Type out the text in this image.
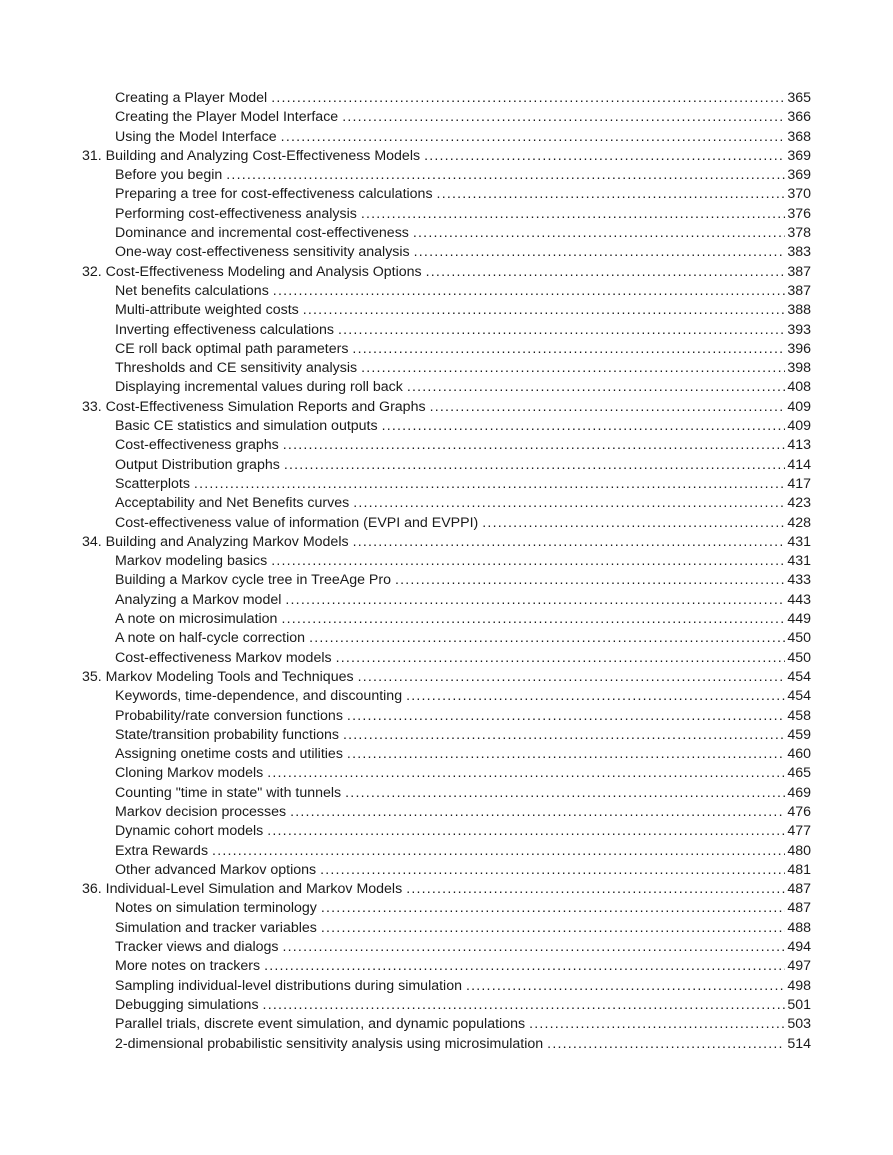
Creating a Player Model .....	365
Creating the Player Model Interface .....	366
Using the Model Interface .....	368
31. Building and Analyzing Cost-Effectiveness Models .....	369
Before you begin .....	369
Preparing a tree for cost-effectiveness calculations .....	370
Performing cost-effectiveness analysis .....	376
Dominance and incremental cost-effectiveness .....	378
One-way cost-effectiveness sensitivity analysis .....	383
32. Cost-Effectiveness Modeling and Analysis Options .....	387
Net benefits calculations .....	387
Multi-attribute weighted costs .....	388
Inverting effectiveness calculations .....	393
CE roll back optimal path parameters .....	396
Thresholds and CE sensitivity analysis .....	398
Displaying incremental values during roll back .....	408
33. Cost-Effectiveness Simulation Reports and Graphs .....	409
Basic CE statistics and simulation outputs .....	409
Cost-effectiveness graphs .....	413
Output Distribution graphs .....	414
Scatterplots .....	417
Acceptability and Net Benefits curves .....	423
Cost-effectiveness value of information (EVPI and EVPPI) .....	428
34. Building and Analyzing Markov Models .....	431
Markov modeling basics .....	431
Building a Markov cycle tree in TreeAge Pro .....	433
Analyzing a Markov model .....	443
A note on microsimulation .....	449
A note on half-cycle correction .....	450
Cost-effectiveness Markov models .....	450
35. Markov Modeling Tools and Techniques .....	454
Keywords, time-dependence, and discounting .....	454
Probability/rate conversion functions .....	458
State/transition probability functions .....	459
Assigning onetime costs and utilities .....	460
Cloning Markov models .....	465
Counting "time in state" with tunnels .....	469
Markov decision processes .....	476
Dynamic cohort models .....	477
Extra Rewards .....	480
Other advanced Markov options .....	481
36. Individual-Level Simulation and Markov Models .....	487
Notes on simulation terminology .....	487
Simulation and tracker variables .....	488
Tracker views and dialogs .....	494
More notes on trackers .....	497
Sampling individual-level distributions during simulation .....	498
Debugging simulations .....	501
Parallel trials, discrete event simulation, and dynamic populations .....	503
2-dimensional probabilistic sensitivity analysis using microsimulation .....	514
